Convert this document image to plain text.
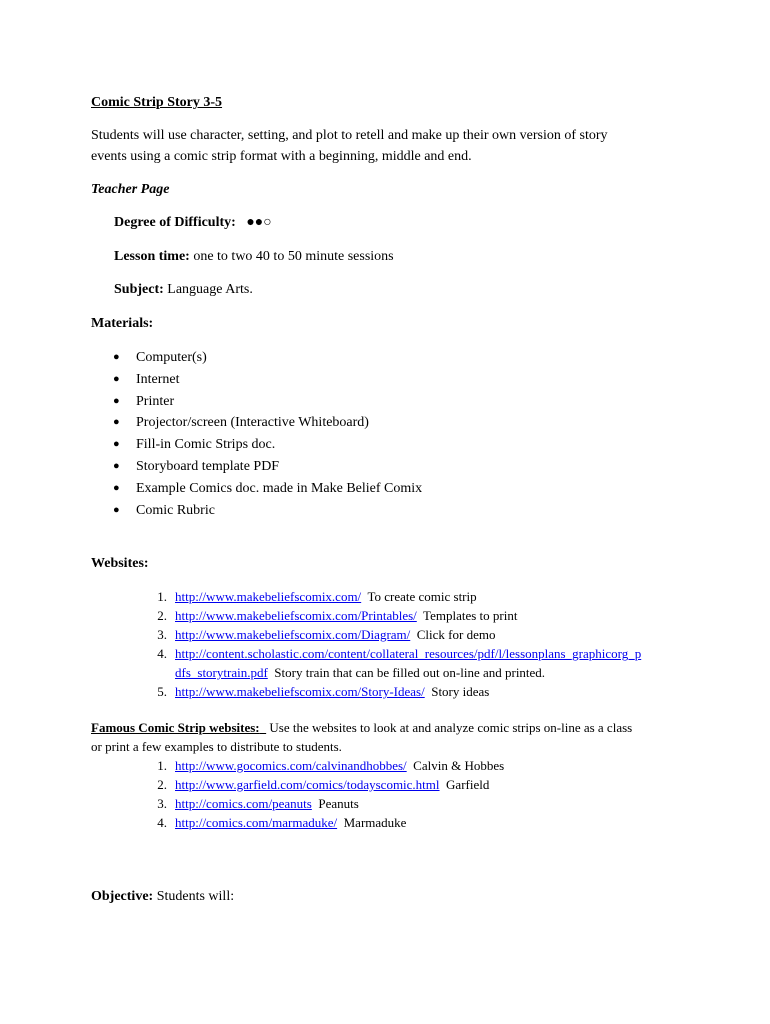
Comic Strip Story 3-5
Students will use character, setting, and plot to retell and make up their own version of story
events using a comic strip format with a beginning, middle and end.
Teacher Page
Degree of Difficulty: ●●○
Lesson time: one to two 40 to 50 minute sessions
Subject: Language Arts.
Materials:
● Computer(s)
● Internet
● Printer
● Projector/screen (Interactive Whiteboard)
● Fill-in Comic Strips doc.
● Storyboard template PDF
● Example Comics doc. made in Make Belief Comix
● Comic Rubric
Websites:
1. http://www.makebeliefscomix.com/ To create comic strip
2. http://www.makebeliefscomix.com/Printables/ Templates to print
3. http://www.makebeliefscomix.com/Diagram/ Click for demo
4. http://content.scholastic.com/content/collateral_resources/pdf/l/lessonplans_graphicorg_p
dfs_storytrain.pdf Story train that can be filled out on-line and printed.
5. http://www.makebeliefscomix.com/Story-Ideas/ Story ideas
Famous Comic Strip websites: Use the websites to look at and analyze comic strips on-line as a class
or print a few examples to distribute to students.
1. http://www.gocomics.com/calvinandhobbes/ Calvin & Hobbes
2. http://www.garfield.com/comics/todayscomic.html Garfield
3. http://comics.com/peanuts Peanuts
4. http://comics.com/marmaduke/ Marmaduke
Objective: Students will:
